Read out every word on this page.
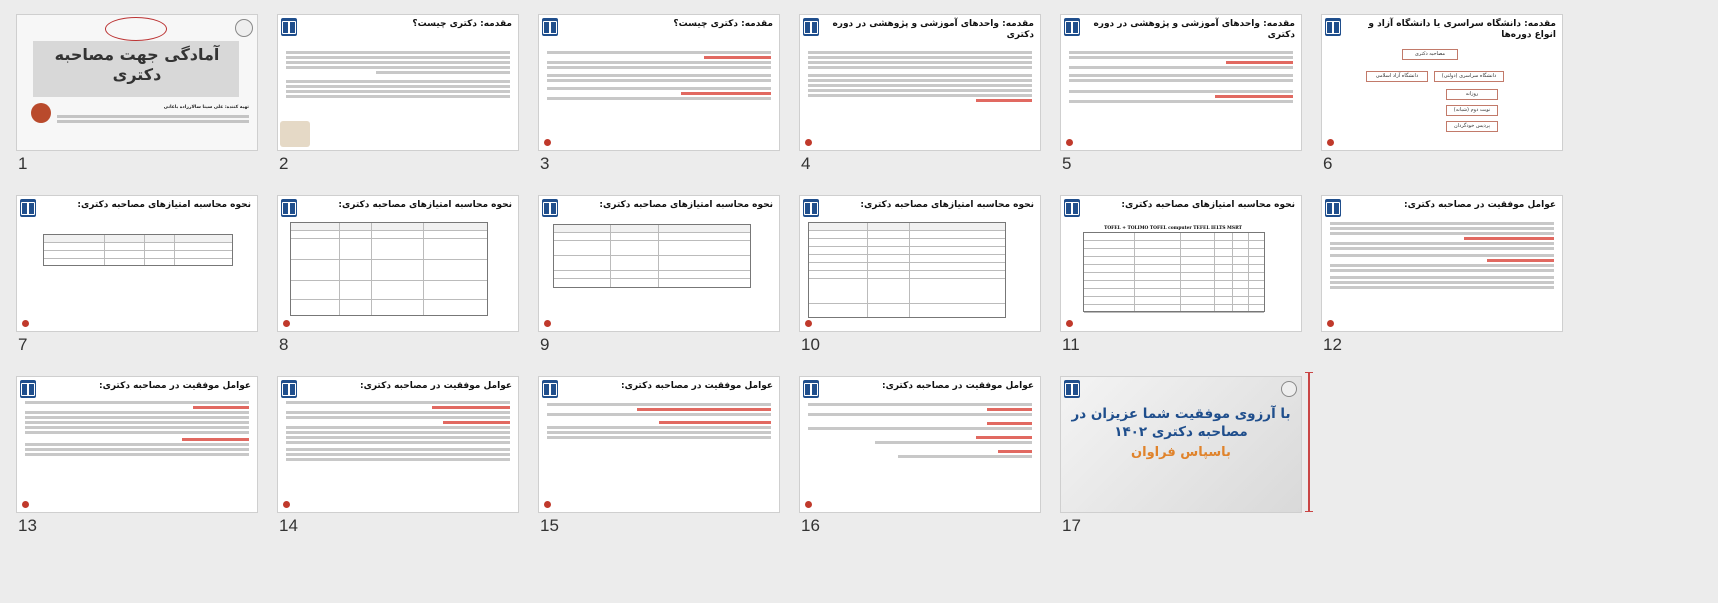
آمادگی جهت مصاحبه دکتری
تهیه کننده: علی سینا سالارزاده باغانی
1
مقدمه: دکتری چیست؟
2
مقدمه: دکتری چیست؟
3
مقدمه: واحدهای آموزشی و پژوهشی در دوره دکتری
4
مقدمه: واحدهای آموزشی و پژوهشی در دوره دکتری
5
مقدمه: دانشگاه سراسری یا دانشگاه آزاد و انواع دوره‌ها
مصاحبه دکتری
دانشگاه آزاد اسلامی	دانشگاه سراسری (دولتی)
روزانه
نوبت دوم (شبانه)
پردیس خودگردان
6
نحوه محاسبه امتیازهای مصاحبه دکتری:
7
نحوه محاسبه امتیازهای مصاحبه دکتری:
8
نحوه محاسبه امتیازهای مصاحبه دکتری:
9
نحوه محاسبه امتیازهای مصاحبه دکتری:
10
نحوه محاسبه امتیازهای مصاحبه دکتری:
TOFEL + TOLIMO TOFEL computer TEFEL IELTS MSRT
11
عوامل موفقیت در مصاحبه دکتری:
12
عوامل موفقیت در مصاحبه دکتری:
13
عوامل موفقیت در مصاحبه دکتری:
14
عوامل موفقیت در مصاحبه دکتری:
15
عوامل موفقیت در مصاحبه دکتری:
16
با آرزوی موفقیت شما عزیزان در مصاحبه دکتری ۱۴۰۲
باسپاس فراوان
17
